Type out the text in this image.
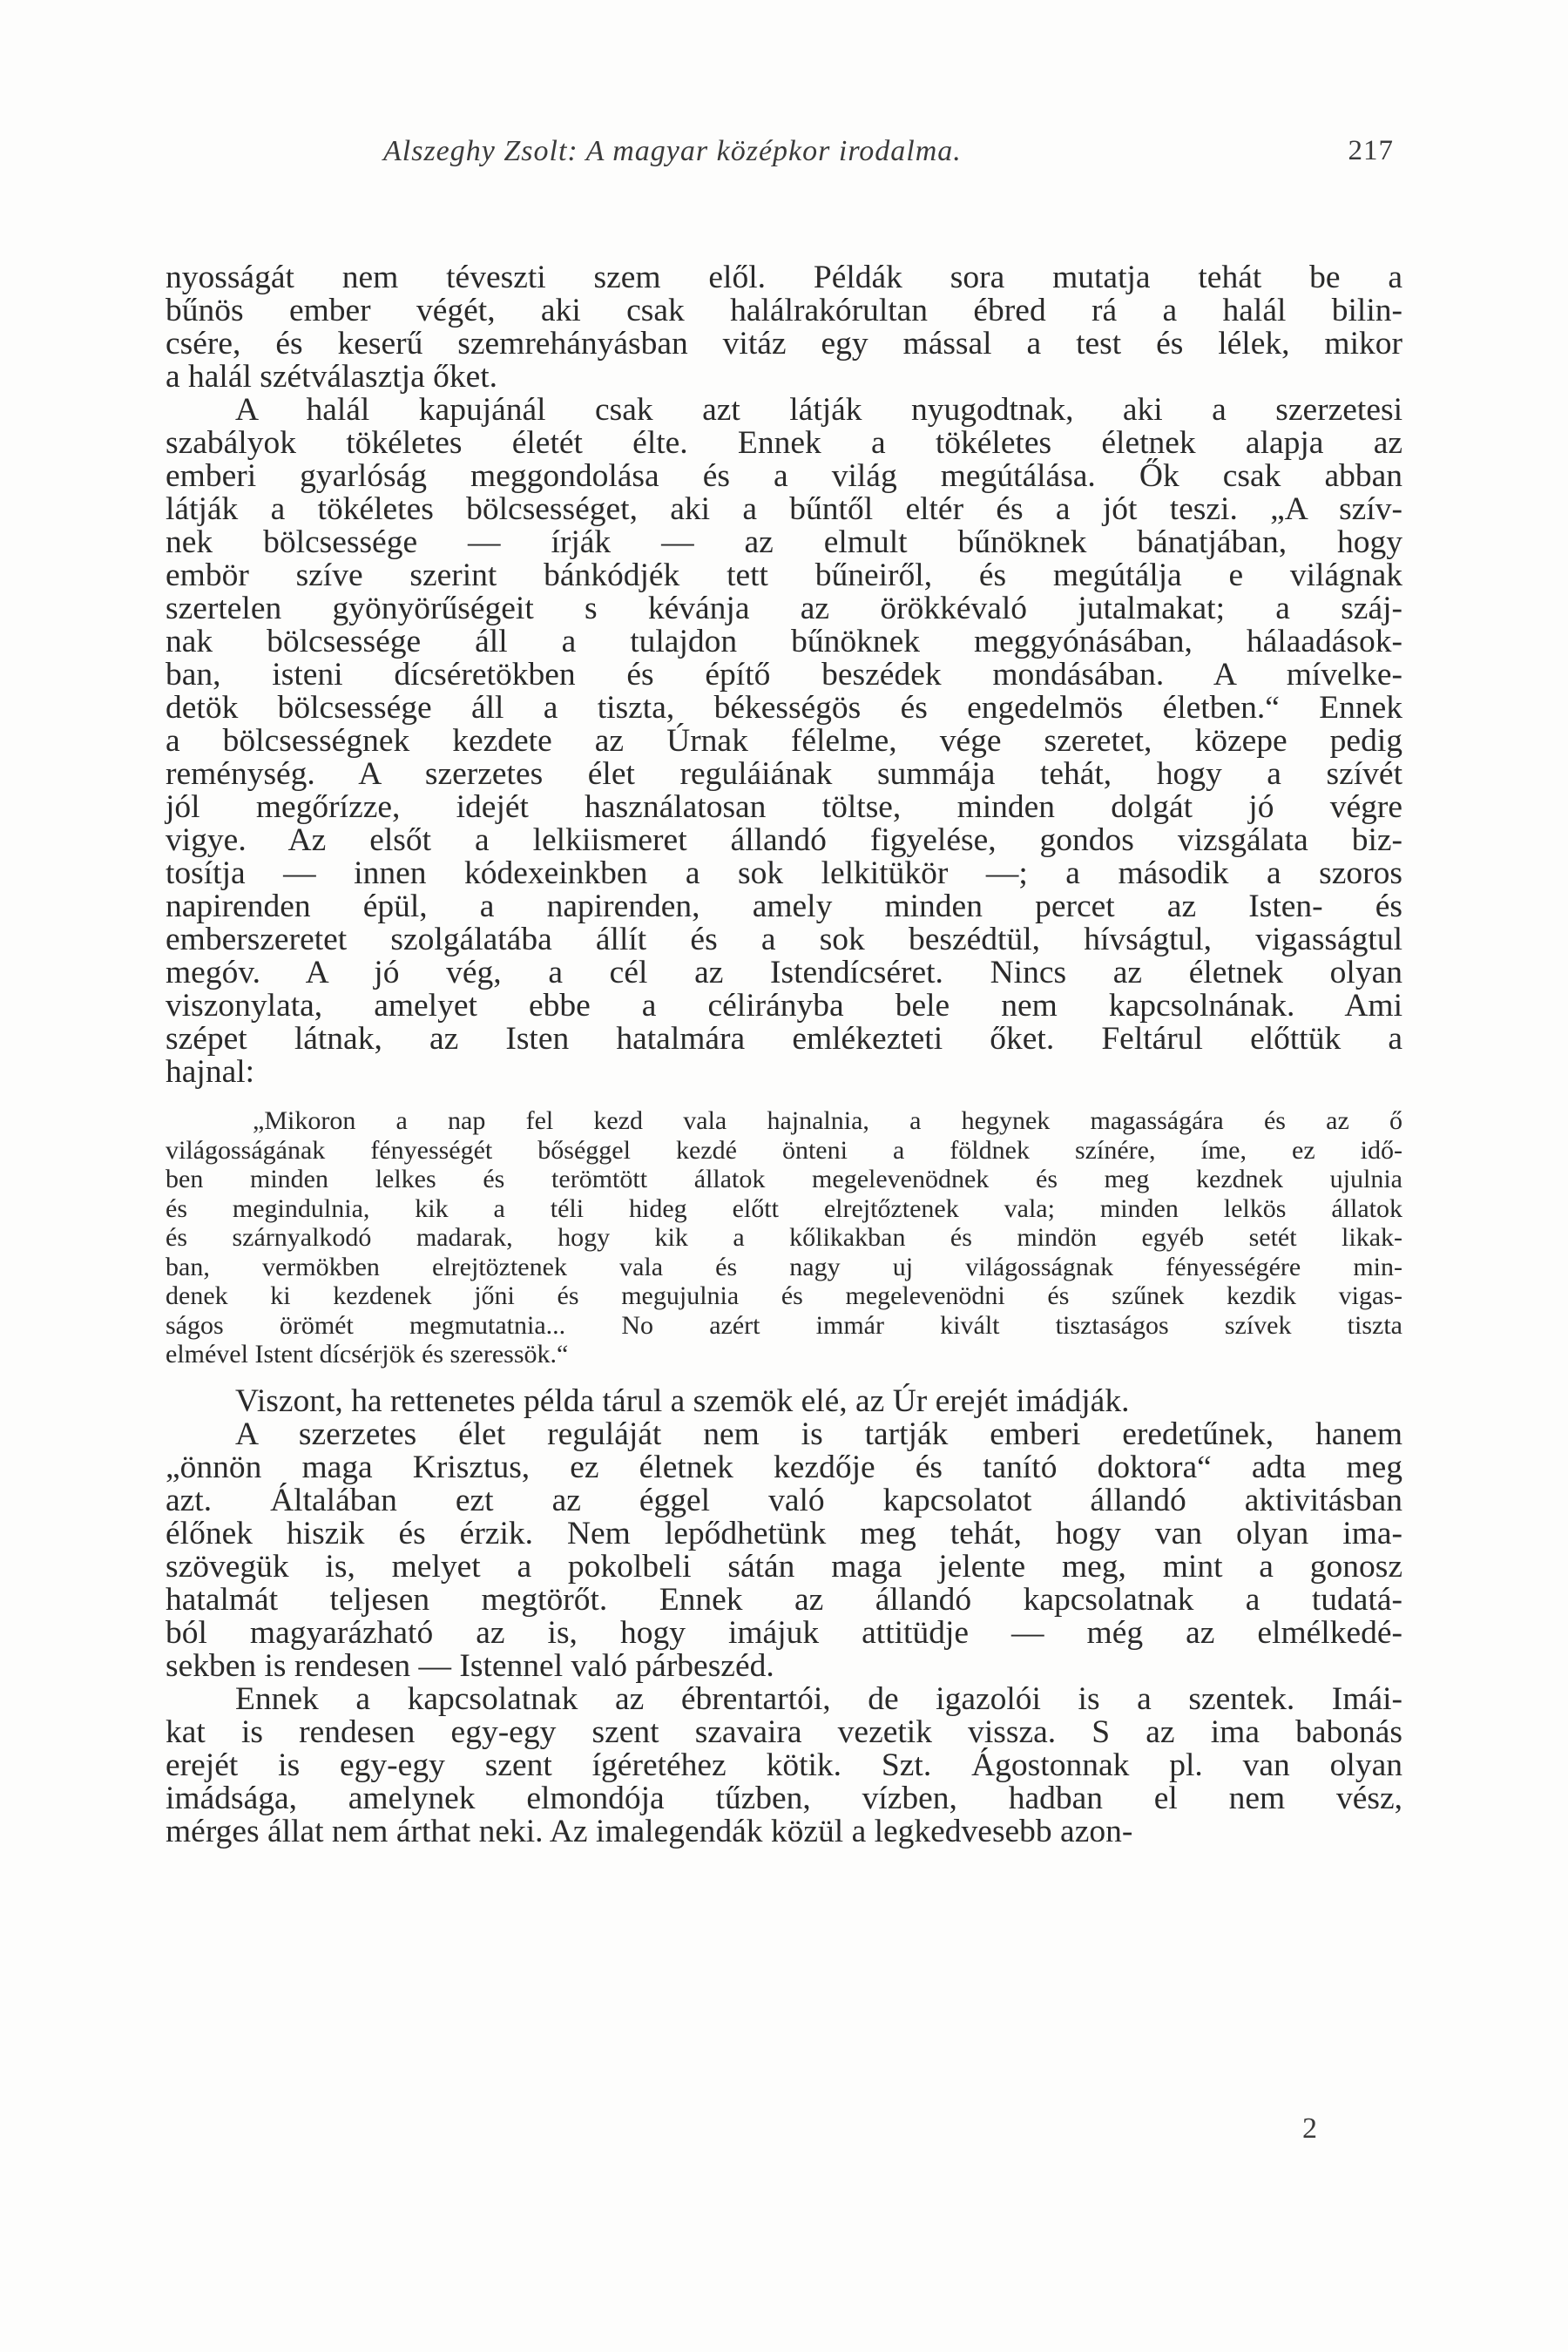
Alszeghy Zsolt: A magyar középkor irodalma.	217
nyosságát nem téveszti szem elől. Példák sora mutatja tehát be a
bűnös ember végét, aki csak halálrakórultan ébred rá a halál bilin-
csére, és keserű szemrehányásban vitáz egy mással a test és lélek, mikor
a halál szétválasztja őket.
A halál kapujánál csak azt látják nyugodtnak, aki a szerzetesi
szabályok tökéletes életét élte. Ennek a tökéletes életnek alapja az
emberi gyarlóság meggondolása és a világ megútálása. Ők csak abban
látják a tökéletes bölcsességet, aki a bűntől eltér és a jót teszi. „A szív-
nek bölcsessége — írják — az elmult bűnöknek bánatjában, hogy
embör szíve szerint bánkódjék tett bűneiről, és megútálja e világnak
szertelen gyönyörűségeit s kévánja az örökkévaló jutalmakat; a száj-
nak bölcsessége áll a tulajdon bűnöknek meggyónásában, hálaadások-
ban, isteni dícséretökben és építő beszédek mondásában. A mívelke-
detök bölcsessége áll a tiszta, békességös és engedelmös életben.“ Ennek
a bölcsességnek kezdete az Úrnak félelme, vége szeretet, közepe pedig
reménység. A szerzetes élet reguláiának summája tehát, hogy a szívét
jól megőrízze, idejét használatosan töltse, minden dolgát jó végre
vigye. Az elsőt a lelkiismeret állandó figyelése, gondos vizsgálata biz-
tosítja — innen kódexeinkben a sok lelkitükör —; a második a szoros
napirenden épül, a napirenden, amely minden percet az Isten- és
emberszeretet szolgálatába állít és a sok beszédtül, hívságtul, vigasságtul
megóv. A jó vég, a cél az Istendícséret. Nincs az életnek olyan
viszonylata, amelyet ebbe a célirányba bele nem kapcsolnának. Ami
szépet látnak, az Isten hatalmára emlékezteti őket. Feltárul előttük a
hajnal:
„Mikoron a nap fel kezd vala hajnalnia, a hegynek magasságára és az ő
világosságának fényességét bőséggel kezdé önteni a földnek színére, íme, ez idő-
ben minden lelkes és terömtött állatok megelevenödnek és meg kezdnek ujulnia
és megindulnia, kik a téli hideg előtt elrejtőztenek vala; minden lelkös állatok
és szárnyalkodó madarak, hogy kik a kőlikakban és mindön egyéb setét likak-
ban, vermökben elrejtöztenek vala és nagy uj világosságnak fényességére min-
denek ki kezdenek jőni és megujulnia és megelevenödni és szűnek kezdik vigas-
ságos örömét megmutatnia... No azért immár kivált tisztaságos szívek tiszta
elmével Istent dícsérjök és szeressök.“
Viszont, ha rettenetes példa tárul a szemök elé, az Úr erejét imádják.
A szerzetes élet reguláját nem is tartják emberi eredetűnek, hanem
„önnön maga Krisztus, ez életnek kezdője és tanító doktora“ adta meg
azt. Általában ezt az éggel való kapcsolatot állandó aktivitásban
élőnek hiszik és érzik. Nem lepődhetünk meg tehát, hogy van olyan ima-
szövegük is, melyet a pokolbeli sátán maga jelente meg, mint a gonosz
hatalmát teljesen megtörőt. Ennek az állandó kapcsolatnak a tudatá-
ból magyarázható az is, hogy imájuk attitüdje — még az elmélkedé-
sekben is rendesen — Istennel való párbeszéd.
Ennek a kapcsolatnak az ébrentartói, de igazolói is a szentek. Imái-
kat is rendesen egy-egy szent szavaira vezetik vissza. S az ima babonás
erejét is egy-egy szent ígéretéhez kötik. Szt. Ágostonnak pl. van olyan
imádsága, amelynek elmondója tűzben, vízben, hadban el nem vész,
mérges állat nem árthat neki. Az imalegendák közül a legkedvesebb azon-
2
